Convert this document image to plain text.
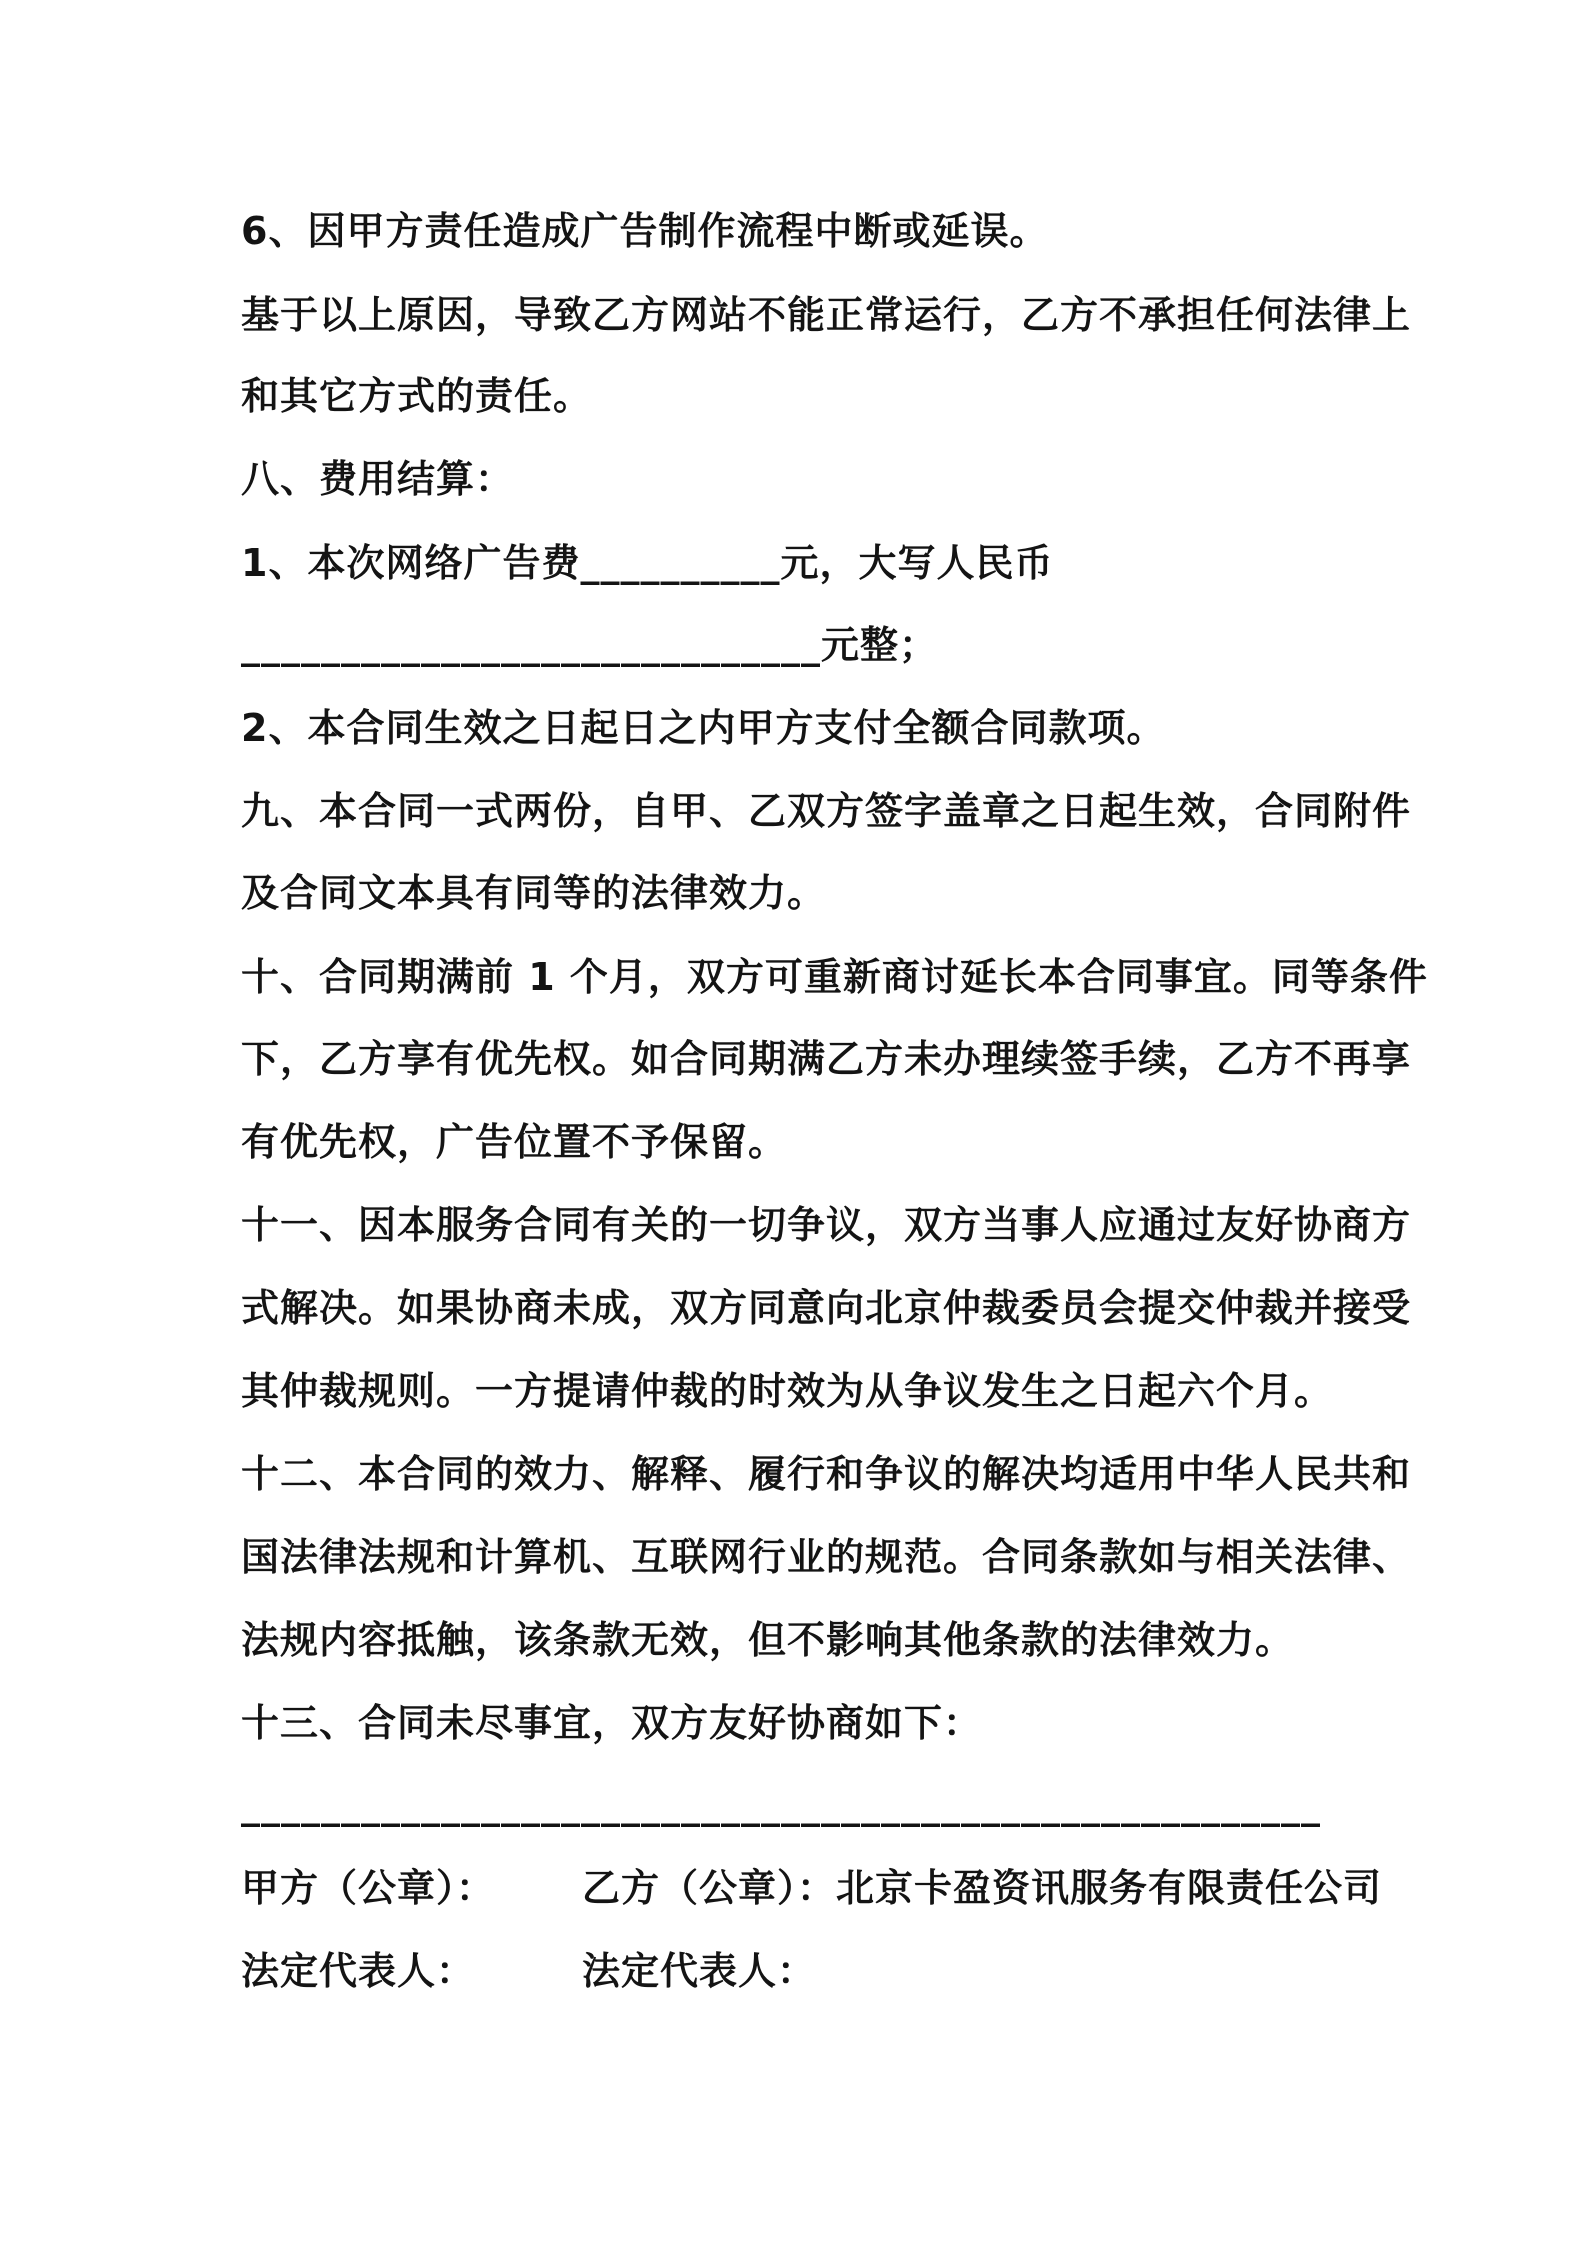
6、因甲方责任造成广告制作流程中断或延误。
基于以上原因，导致乙方网站不能正常运行，乙方不承担任何法律上
和其它方式的责任。
八、费用结算：
1、本次网络广告费__________元，大写人民币
_____________________________元整；
2、本合同生效之日起日之内甲方支付全额合同款项。
九、本合同一式两份，自甲、乙双方签字盖章之日起生效，合同附件
及合同文本具有同等的法律效力。
十、合同期满前 1 个月，双方可重新商讨延长本合同事宜。同等条件
下，乙方享有优先权。如合同期满乙方未办理续签手续，乙方不再享
有优先权，广告位置不予保留。
十一、因本服务合同有关的一切争议，双方当事人应通过友好协商方
式解决。如果协商未成，双方同意向北京仲裁委员会提交仲裁并接受
其仲裁规则。一方提请仲裁的时效为从争议发生之日起六个月。
十二、本合同的效力、解释、履行和争议的解决均适用中华人民共和
国法律法规和计算机、互联网行业的规范。合同条款如与相关法律、
法规内容抵触，该条款无效，但不影响其他条款的法律效力。
十三、合同未尽事宜，双方友好协商如下：
______________________________________________________
甲方（公章）： 乙方（公章）：北京卡盈资讯服务有限责任公司
法定代表人：	法定代表人：
